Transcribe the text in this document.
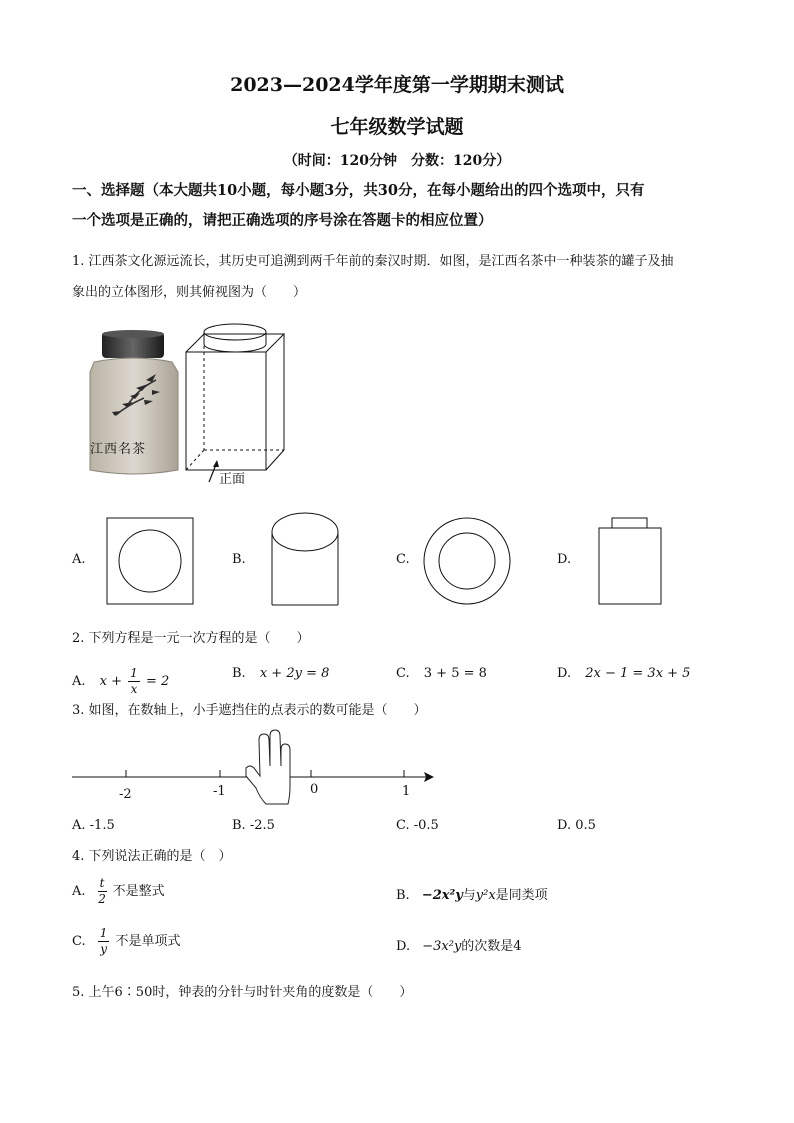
2023—2024学年度第一学期期末测试
七年级数学试题
（时间：120分钟　分数：120分）
一、选择题（本大题共10小题，每小题3分，共30分，在每小题给出的四个选项中，只有
一个选项是正确的，请把正确选项的序号涂在答题卡的相应位置）
1. 江西茶文化源远流长，其历史可追溯到两千年前的秦汉时期．如图，是江西名茶中一种装茶的罐子及抽
象出的立体图形，则其俯视图为（　　）
江西名茶
正面
A.	B.	C.	D.
2. 下列方程是一元一次方程的是（　　）
A. $x + \frac{1}{x} = 2$
B. x + 2y = 8	C. 3 + 5 = 8	D. 2x − 1 = 3x + 5
3. 如图，在数轴上，小手遮挡住的点表示的数可能是（　　）
-2	-1	0	1
A. -1.5	B. -2.5	C. -0.5	D. 0.5
4. 下列说法正确的是（　）
A. $\frac{t}{2}$ 不是整式	B. −2x²y与y²x是同类项
C. $\frac{1}{y}$ 不是单项式	D. −3x²y的次数是4
5. 上午6∶50时，钟表的分针与时针夹角的度数是（　　）
